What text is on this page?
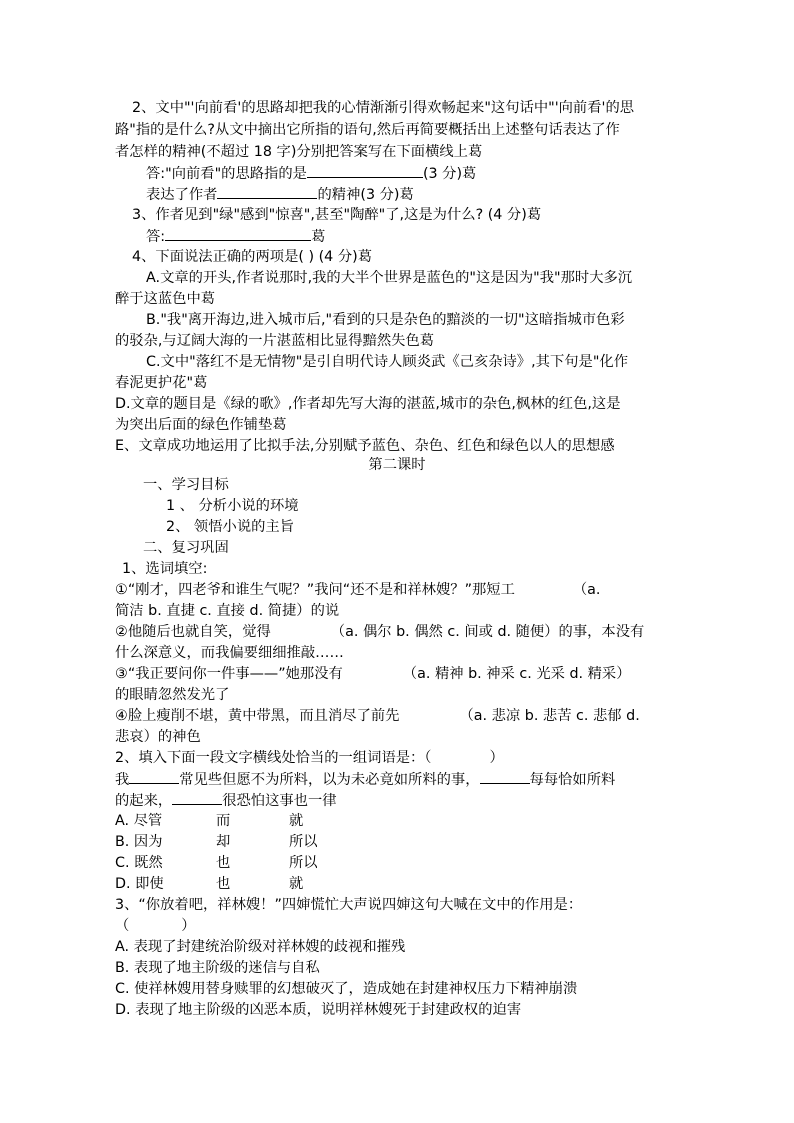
2、文中"'向前看'的思路却把我的心情渐渐引得欢畅起来"这句话中"'向前看'的思
路"指的是什么?从文中摘出它所指的语句,然后再简要概括出上述整句话表达了作
者怎样的精神(不超过 18 字)分别把答案写在下面横线上葛
答:"向前看"的思路指的是	(3 分)葛
表达了作者	的精神(3 分)葛
3、作者见到"绿"感到"惊喜",甚至"陶醉"了,这是为什么? (4 分)葛
答:	葛
4、下面说法正确的两项是( ) (4 分)葛
A.文章的开头,作者说那时,我的大半个世界是蓝色的"这是因为"我"那时大多沉
醉于这蓝色中葛
B."我"离开海边,进入城市后,"看到的只是杂色的黯淡的一切"这暗指城市色彩
的驳杂,与辽阔大海的一片湛蓝相比显得黯然失色葛
C.文中"落红不是无情物"是引自明代诗人顾炎武《己亥杂诗》,其下句是"化作
春泥更护花"葛
D.文章的题目是《绿的歌》,作者却先写大海的湛蓝,城市的杂色,枫林的红色,这是
为突出后面的绿色作铺垫葛
E、文章成功地运用了比拟手法,分别赋予蓝色、杂色、红色和绿色以人的思想感
第二课时
一、学习目标
1 、 分析小说的环境
2、 领悟小说的主旨
二、复习巩固
1、选词填空:
①“刚才，四老爷和谁生气呢？”我问“还不是和祥林嫂？”那短工	（a.
简洁 b. 直捷 c. 直接 d. 简捷）的说
②他随后也就自笑，觉得	（a. 偶尔 b. 偶然 c. 间或 d. 随便）的事，本没有
什么深意义，而我偏要细细推敲……
③“我正要问你一件事——”她那没有	（a. 精神 b. 神采 c. 光采 d. 精采）
的眼睛忽然发光了
④脸上瘦削不堪，黄中带黑，而且消尽了前先	（a. 悲凉 b. 悲苦 c. 悲郁 d.
悲哀）的神色
2、填入下面一段文字横线处恰当的一组词语是：（	）
我	常见些但愿不为所料，以为未必竟如所料的事，	每每恰如所料
的起来，	很恐怕这事也一律
A. 尽管	而	就
B. 因为	却	所以
C. 既然	也	所以
D. 即使	也	就
3、“你放着吧，祥林嫂！”四婶慌忙大声说四婶这句大喊在文中的作用是：
（	）
A. 表现了封建统治阶级对祥林嫂的歧视和摧残
B. 表现了地主阶级的迷信与自私
C. 使祥林嫂用替身赎罪的幻想破灭了，造成她在封建神权压力下精神崩溃
D. 表现了地主阶级的凶恶本质，说明祥林嫂死于封建政权的迫害
